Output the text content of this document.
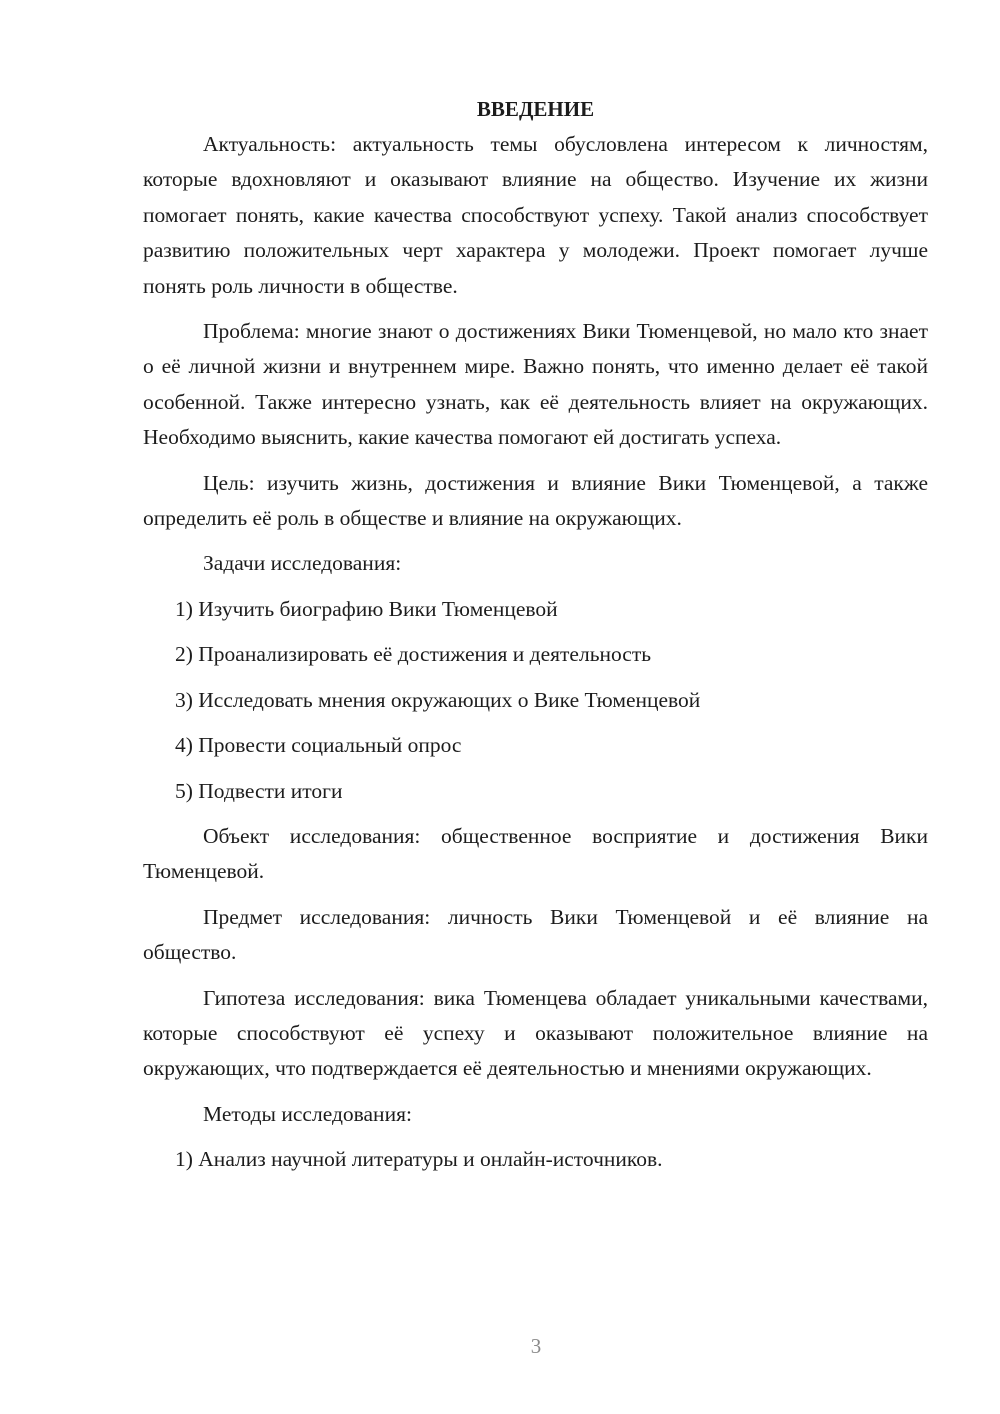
ВВЕДЕНИЕ

Актуальность: актуальность темы обусловлена интересом к личностям, которые вдохновляют и оказывают влияние на общество. Изучение их жизни помогает понять, какие качества способствуют успеху. Такой анализ способствует развитию положительных черт характера у молодежи. Проект помогает лучше понять роль личности в обществе.

Проблема: многие знают о достижениях Вики Тюменцевой, но мало кто знает о её личной жизни и внутреннем мире. Важно понять, что именно делает её такой особенной. Также интересно узнать, как её деятельность влияет на окружающих. Необходимо выяснить, какие качества помогают ей достигать успеха.

Цель: изучить жизнь, достижения и влияние Вики Тюменцевой, а также определить её роль в обществе и влияние на окружающих.

Задачи исследования:

1) Изучить биографию Вики Тюменцевой
2) Проанализировать её достижения и деятельность
3) Исследовать мнения окружающих о Вике Тюменцевой
4) Провести социальный опрос
5) Подвести итоги

Объект исследования: общественное восприятие и достижения Вики Тюменцевой.

Предмет исследования: личность Вики Тюменцевой и её влияние на общество.

Гипотеза исследования: вика Тюменцева обладает уникальными качествами, которые способствуют её успеху и оказывают положительное влияние на окружающих, что подтверждается её деятельностью и мнениями окружающих.

Методы исследования:

1) Анализ научной литературы и онлайн-источников.
3
